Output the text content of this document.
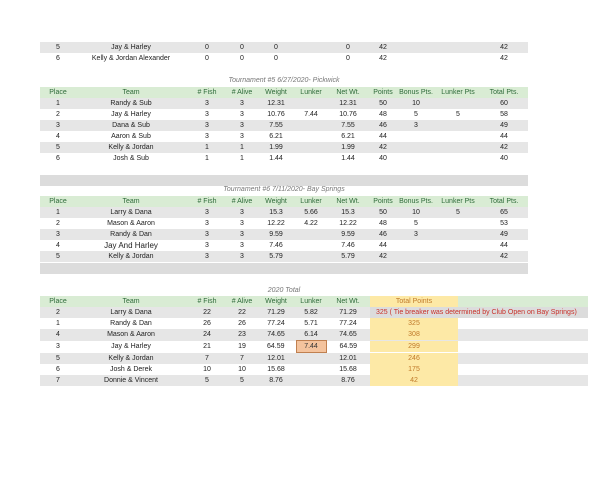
5	Jay & Harley	0	0	0		0	42			42
6	Kelly & Jordan Alexander	0	0	0		0	42			42
Tournament #5 6/27/2020- Pickwick
Place	Team	# Fish	# Alive	Weight	Lunker	Net Wt.	Points	Bonus Pts.	Lunker Pts	Total Pts.
1	Randy & Sub	3	3	12.31		12.31	50	10		60
2	Jay & Harley	3	3	10.76	7.44	10.76	48	5	5	58
3	Dana & Sub	3	3	7.55		7.55	46	3		49
4	Aaron & Sub	3	3	6.21		6.21	44			44
5	Kelly & Jordan	1	1	1.99		1.99	42			42
6	Josh & Sub	1	1	1.44		1.44	40			40
Tournament #6 7/11/2020- Bay Springs
Place	Team	# Fish	# Alive	Weight	Lunker	Net Wt.	Points	Bonus Pts.	Lunker Pts	Total Pts.
1	Larry & Dana	3	3	15.3	5.66	15.3	50	10	5	65
2	Mason & Aaron	3	3	12.22	4.22	12.22	48	5		53
3	Randy & Dan	3	3	9.59		9.59	46	3		49
4	Jay And Harley	3	3	7.46		7.46	44			44
5	Kelly & Jordan	3	3	5.79		5.79	42			42
2020 Total
Place	Team	# Fish	# Alive	Weight	Lunker	Net Wt.	Total Points
2	Larry & Dana	22	22	71.29	5.82	71.29	325 ( Tie breaker was determined by Club Open on Bay Springs)
1	Randy & Dan	26	26	77.24	5.71	77.24	325
4	Mason & Aaron	24	23	74.65	6.14	74.65	308
3	Jay & Harley	21	19	64.59	7.44	64.59	299
5	Kelly & Jordan	7	7	12.01		12.01	246
6	Josh & Derek	10	10	15.68		15.68	175
7	Donnie & Vincent	5	5	8.76		8.76	42
